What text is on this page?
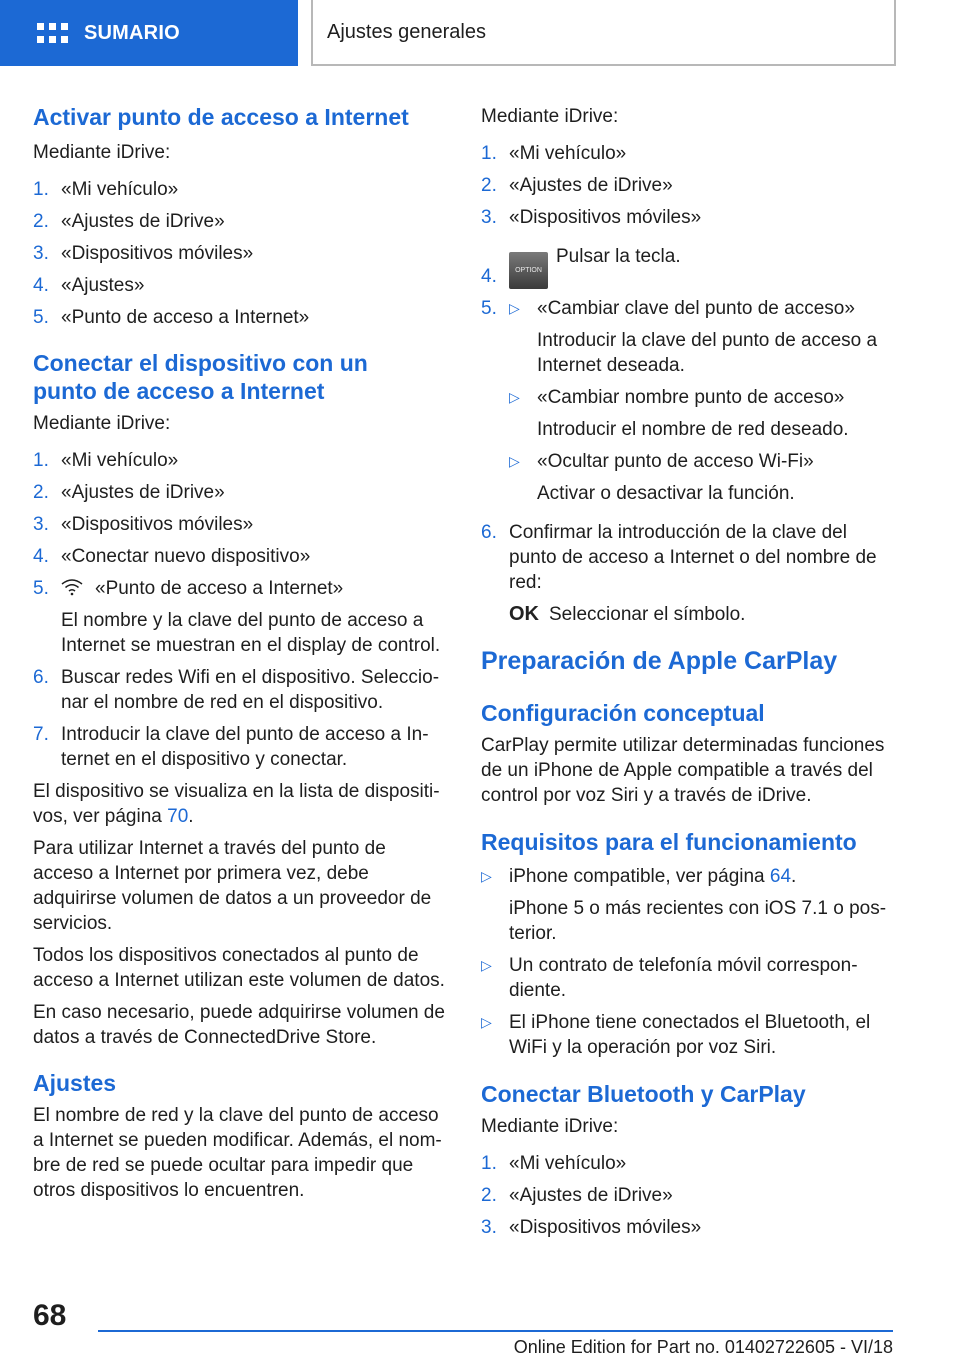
SUMARIO	Ajustes generales
Activar punto de acceso a Internet

Mediante iDrive:

1. «Mi vehículo»
2. «Ajustes de iDrive»
3. «Dispositivos móviles»
4. «Ajustes»
5. «Punto de acceso a Internet»
Conectar el dispositivo con un punto de acceso a Internet

Mediante iDrive:

1. «Mi vehículo»
2. «Ajustes de iDrive»
3. «Dispositivos móviles»
4. «Conectar nuevo dispositivo»
5.	«Punto de acceso a Internet»
El nombre y la clave del punto de acceso a Internet se muestran en el display de control.
6. Buscar redes Wifi en el dispositivo. Seleccionar el nombre de red en el dispositivo.
7. Introducir la clave del punto de acceso a Internet en el dispositivo y conectar.

El dispositivo se visualiza en la lista de dispositivos, ver página 70.

Para utilizar Internet a través del punto de acceso a Internet por primera vez, debe adquirirse volumen de datos a un proveedor de servicios.

Todos los dispositivos conectados al punto de acceso a Internet utilizan este volumen de datos.

En caso necesario, puede adquirirse volumen de datos a través de ConnectedDrive Store.

Ajustes

El nombre de red y la clave del punto de acceso a Internet se pueden modificar. Además, el nombre de red se puede ocultar para impedir que otros dispositivos lo encuentren.

Mediante iDrive:

1. «Mi vehículo»
2. «Ajustes de iDrive»
3. «Dispositivos móviles»
4.	OPTIONPulsar la tecla.
5. ▷ «Cambiar clave del punto de acceso»
Introducir la clave del punto de acceso a Internet deseada.
▷ «Cambiar nombre punto de acceso»
Introducir el nombre de red deseado.
▷ «Ocultar punto de acceso Wi-Fi»
Activar o desactivar la función.
6. Confirmar la introducción de la clave del punto de acceso a Internet o del nombre de red:
OK Seleccionar el símbolo.
Preparación de Apple CarPlay
Configuración conceptual

CarPlay permite utilizar determinadas funciones de un iPhone de Apple compatible a través del control por voz Siri y a través de iDrive.

Requisitos para el funcionamiento
▷ iPhone compatible, ver página 64.
iPhone 5 o más recientes con iOS 7.1 o posterior.
▷ Un contrato de telefonía móvil correspondiente.
▷ El iPhone tiene conectados el Bluetooth, el WiFi y la operación por voz Siri.
Conectar Bluetooth y CarPlay

Mediante iDrive:

1. «Mi vehículo»
2. «Ajustes de iDrive»
3. «Dispositivos móviles»
68
Online Edition for Part no. 01402722605 - VI/18
